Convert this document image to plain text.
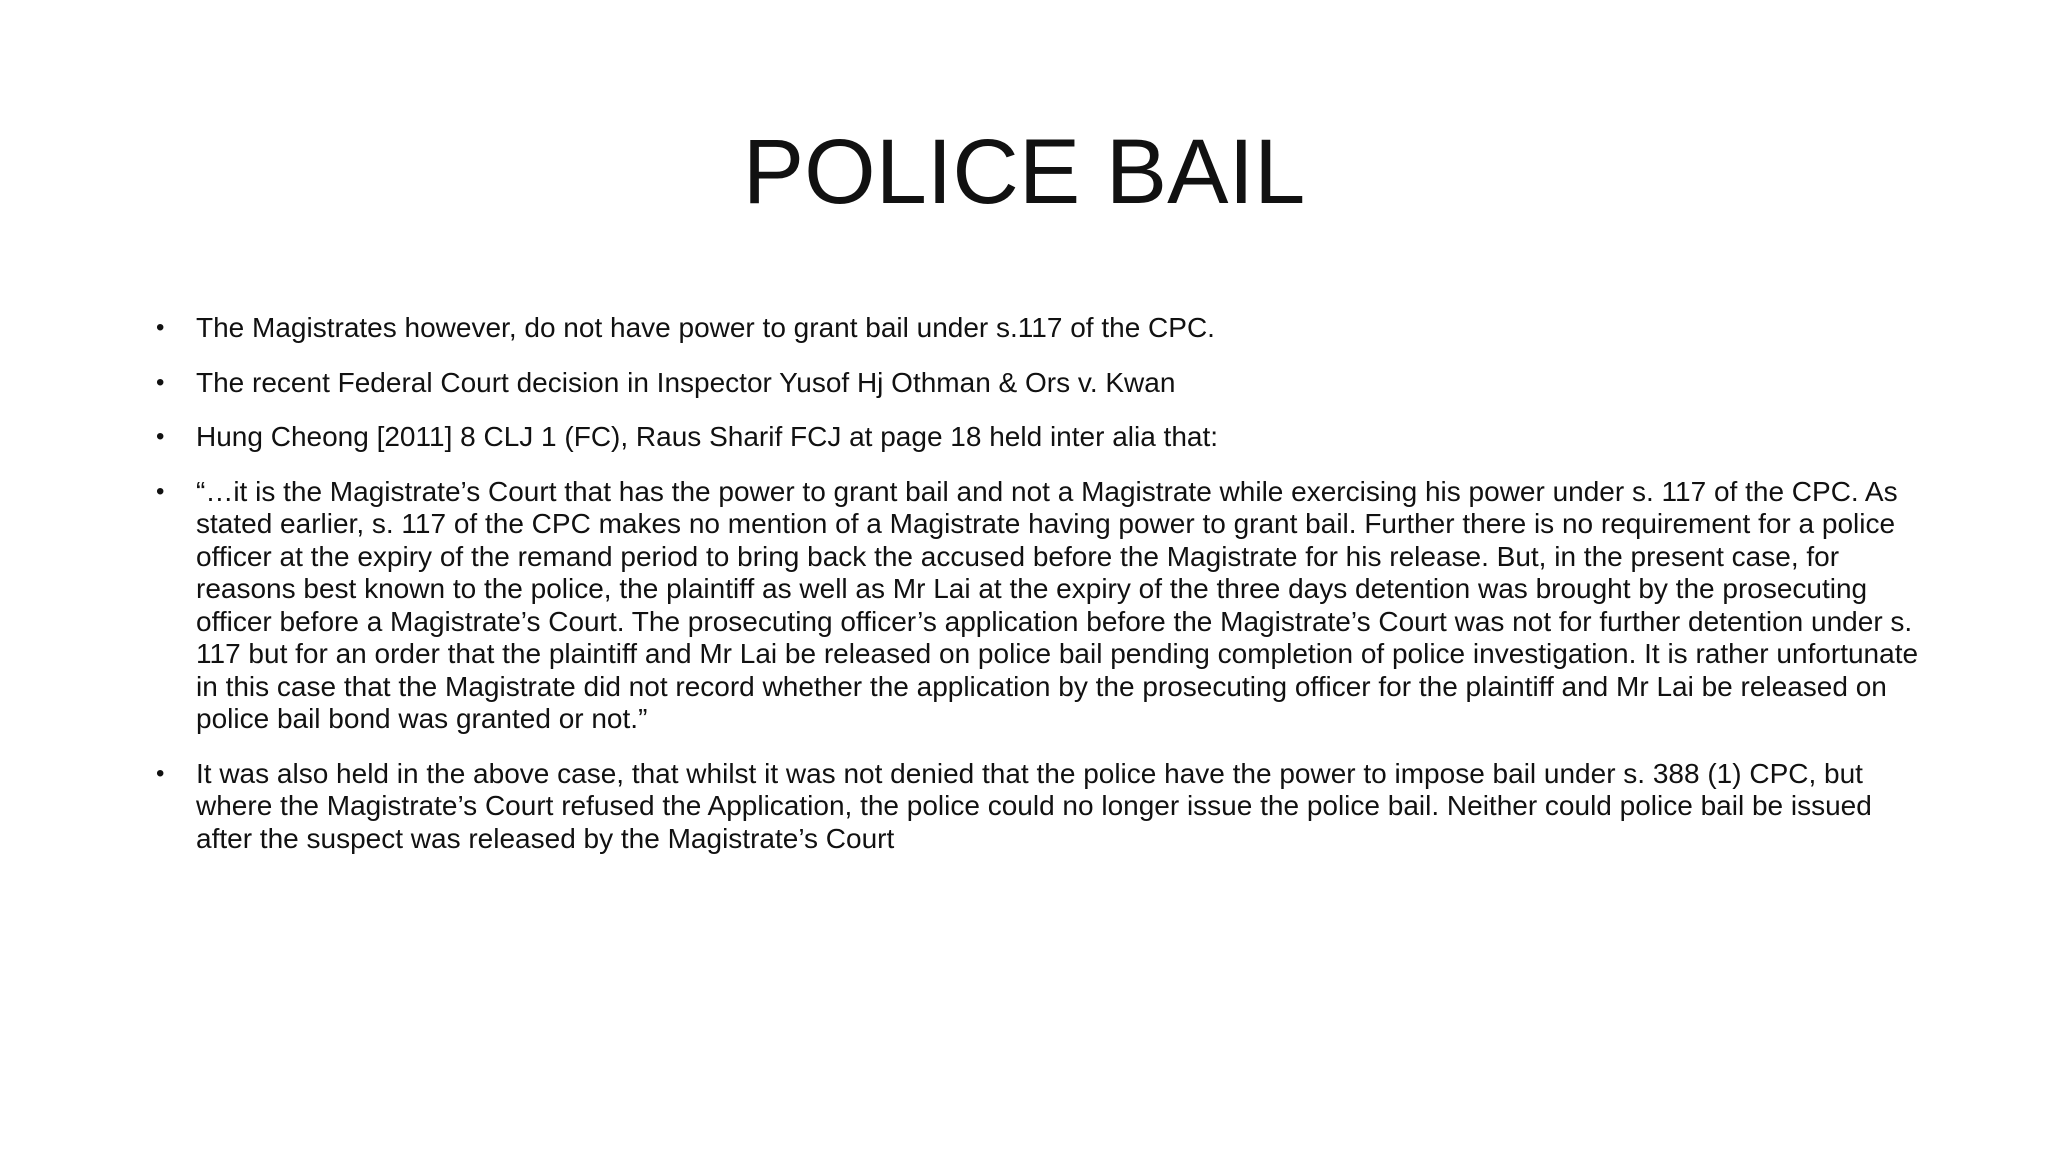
POLICE BAIL
• The Magistrates however, do not have power to grant bail under s.117 of the CPC.
• The recent Federal Court decision in Inspector Yusof Hj Othman & Ors v. Kwan
• Hung Cheong [2011] 8 CLJ 1 (FC), Raus Sharif FCJ at page 18 held inter alia that:
• “…it is the Magistrate’s Court that has the power to grant bail and not a Magistrate while exercising his power under s. 117 of the CPC. As stated earlier, s. 117 of the CPC makes no mention of a Magistrate having power to grant bail. Further there is no requirement for a police officer at the expiry of the remand period to bring back the accused before the Magistrate for his release. But, in the present case, for reasons best known to the police, the plaintiff as well as Mr Lai at the expiry of the three days detention was brought by the prosecuting officer before a Magistrate’s Court. The prosecuting officer’s application before the Magistrate’s Court was not for further detention under s. 117 but for an order that the plaintiff and Mr Lai be released on police bail pending completion of police investigation. It is rather unfortunate in this case that the Magistrate did not record whether the application by the prosecuting officer for the plaintiff and Mr Lai be released on police bail bond was granted or not.”
• It was also held in the above case, that whilst it was not denied that the police have the power to impose bail under s. 388 (1) CPC, but where the Magistrate’s Court refused the Application, the police could no longer issue the police bail. Neither could police bail be issued after the suspect was released by the Magistrate’s Court
